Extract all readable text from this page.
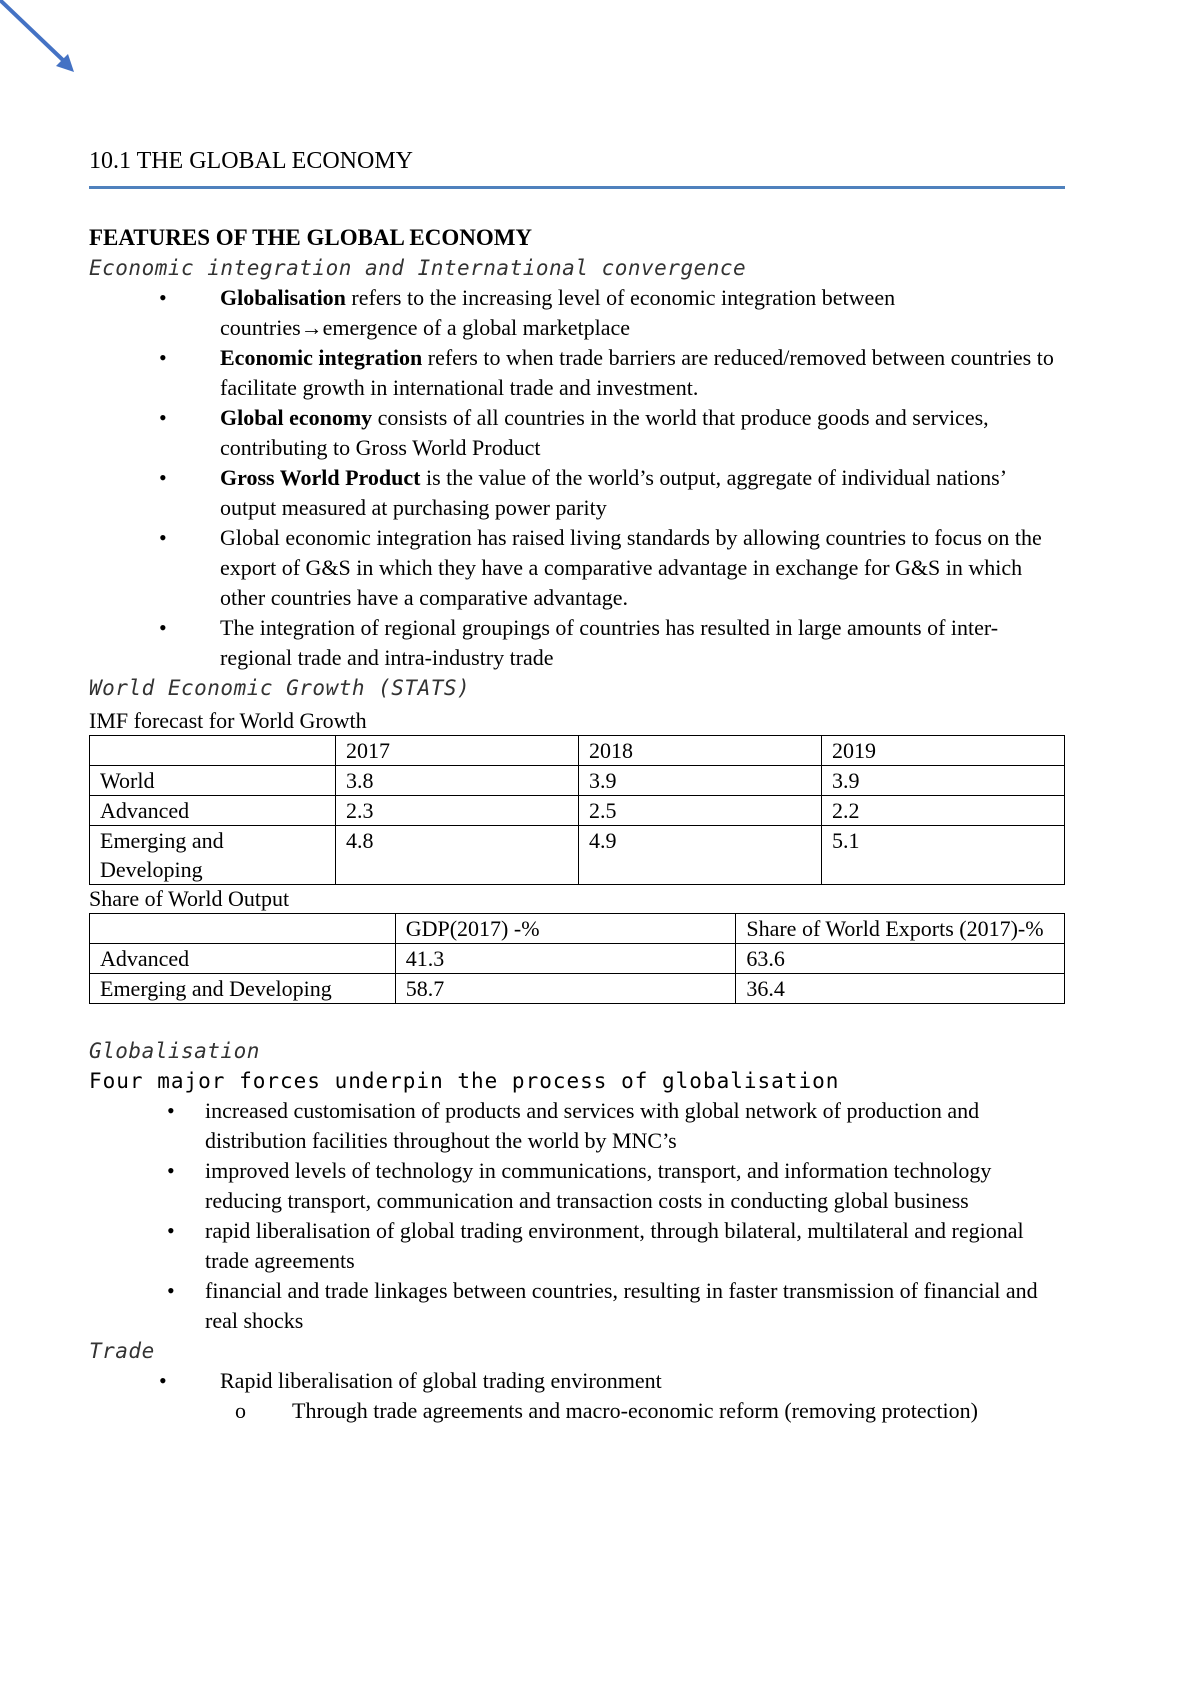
10.1 THE GLOBAL ECONOMY
FEATURES OF THE GLOBAL ECONOMY
Economic integration and International convergence
• Globalisation refers to the increasing level of economic integration between countries→emergence of a global marketplace
• Economic integration refers to when trade barriers are reduced/removed between countries to facilitate growth in international trade and investment.
• Global economy consists of all countries in the world that produce goods and services, contributing to Gross World Product
• Gross World Product is the value of the world’s output, aggregate of individual nations’ output measured at purchasing power parity
• Global economic integration has raised living standards by allowing countries to focus on the export of G&S in which they have a comparative advantage in exchange for G&S in which other countries have a comparative advantage.
• The integration of regional groupings of countries has resulted in large amounts of inter-regional trade and intra-industry trade
World Economic Growth (STATS)
IMF forecast for World Growth
	2017	2018	2019
World	3.8	3.9	3.9
Advanced	2.3	2.5	2.2
Emerging and Developing	4.8	4.9	5.1
Share of World Output
	GDP(2017) -%	Share of World Exports (2017)-%
Advanced	41.3	63.6
Emerging and Developing	58.7	36.4
Globalisation
Four major forces underpin the process of globalisation
• increased customisation of products and services with global network of production and distribution facilities throughout the world by MNC’s
• improved levels of technology in communications, transport, and information technology reducing transport, communication and transaction costs in conducting global business
• rapid liberalisation of global trading environment, through bilateral, multilateral and regional trade agreements
• financial and trade linkages between countries, resulting in faster transmission of financial and real shocks
Trade
• Rapid liberalisation of global trading environment
o Through trade agreements and macro-economic reform (removing protection)
